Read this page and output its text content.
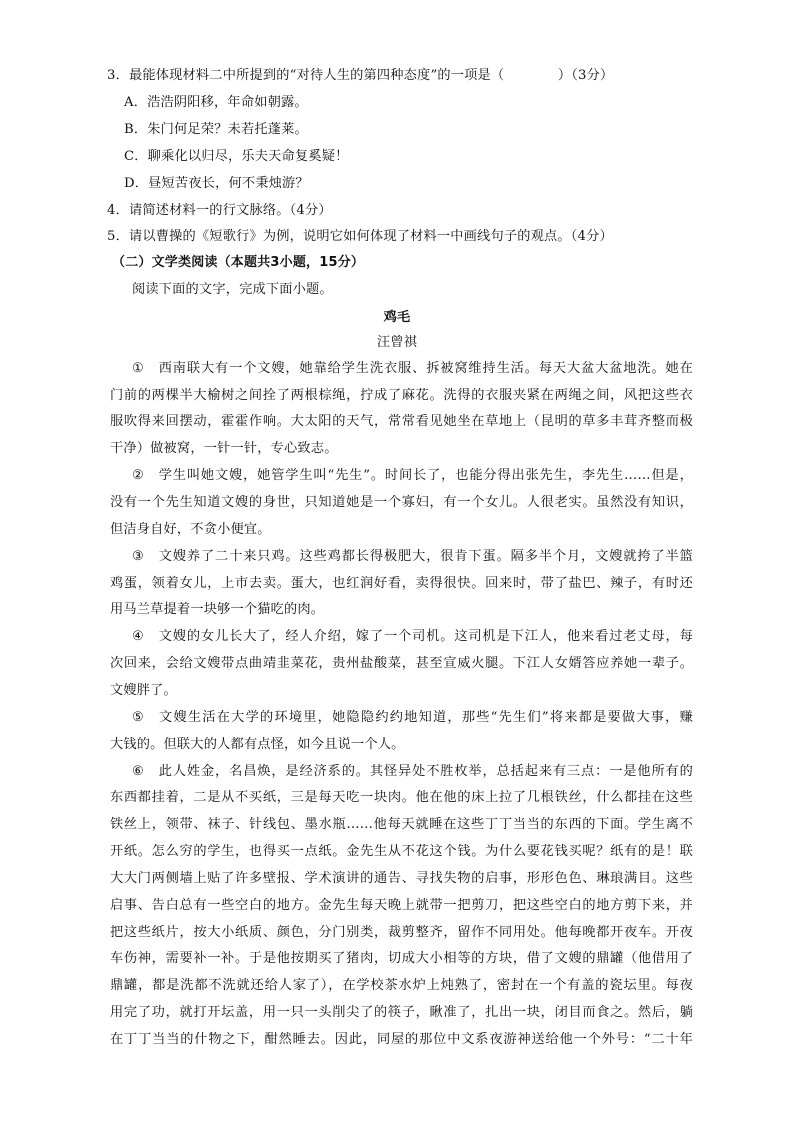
3．最能体现材料二中所提到的“对待人生的第四种态度”的一项是（　　　　）（3分）
A．浩浩阴阳移，年命如朝露。
B．朱门何足荣？未若托蓬莱。
C．聊乘化以归尽，乐夫天命复奚疑！
D．昼短苦夜长，何不秉烛游？
4．请简述材料一的行文脉络。（4分）
5．请以曹操的《短歌行》为例，说明它如何体现了材料一中画线句子的观点。（4分）
（二）文学类阅读（本题共3小题，15分）
阅读下面的文字，完成下面小题。
鸡毛
汪曾祺
① 西南联大有一个文嫂，她靠给学生洗衣服、拆被窝维持生活。每天大盆大盆地洗。她在
门前的两棵半大榆树之间拴了两根棕绳，拧成了麻花。洗得的衣服夹紧在两绳之间，风把这些衣
服吹得来回摆动，霍霍作响。大太阳的天气，常常看见她坐在草地上（昆明的草多丰茸齐整而极
干净）做被窝，一针一针，专心致志。
② 学生叫她文嫂，她管学生叫“先生”。时间长了，也能分得出张先生，李先生……但是，
没有一个先生知道文嫂的身世，只知道她是一个寡妇，有一个女儿。人很老实。虽然没有知识，
但洁身自好，不贪小便宜。
③ 文嫂养了二十来只鸡。这些鸡都长得极肥大，很肯下蛋。隔多半个月，文嫂就挎了半篮
鸡蛋，领着女儿，上市去卖。蛋大，也红润好看，卖得很快。回来时，带了盐巴、辣子，有时还
用马兰草提着一块够一个猫吃的肉。
④ 文嫂的女儿长大了，经人介绍，嫁了一个司机。这司机是下江人，他来看过老丈母，每
次回来，会给文嫂带点曲靖韭菜花，贵州盐酸菜，甚至宣威火腿。下江人女婿答应养她一辈子。
文嫂胖了。
⑤ 文嫂生活在大学的环境里，她隐隐约约地知道，那些“先生们”将来都是要做大事，赚
大钱的。但联大的人都有点怪，如今且说一个人。
⑥ 此人姓金，名昌焕，是经济系的。其怪异处不胜枚举，总括起来有三点：一是他所有的
东西都挂着，二是从不买纸，三是每天吃一块肉。他在他的床上拉了几根铁丝，什么都挂在这些
铁丝上，领带、袜子、针线包、墨水瓶……他每天就睡在这些丁丁当当的东西的下面。学生离不
开纸。怎么穷的学生，也得买一点纸。金先生从不花这个钱。为什么要花钱买呢？纸有的是！联
大大门两侧墙上贴了许多壁报、学术演讲的通告、寻找失物的启事，形形色色、琳琅满目。这些
启事、告白总有一些空白的地方。金先生每天晚上就带一把剪刀，把这些空白的地方剪下来，并
把这些纸片，按大小纸质、颜色，分门别类，裁剪整齐，留作不同用处。他每晚都开夜车。开夜
车伤神，需要补一补。于是他按期买了猪肉，切成大小相等的方块，借了文嫂的鼎罐（他借用了
鼎罐，都是洗都不洗就还给人家了），在学校茶水炉上炖熟了，密封在一个有盖的瓷坛里。每夜
用完了功，就打开坛盖，用一只一头削尖了的筷子，瞅准了，扎出一块，闭目而食之。然后，躺
在丁丁当当的什物之下，酣然睡去。因此，同屋的那位中文系夜游神送给他一个外号：“二十年
